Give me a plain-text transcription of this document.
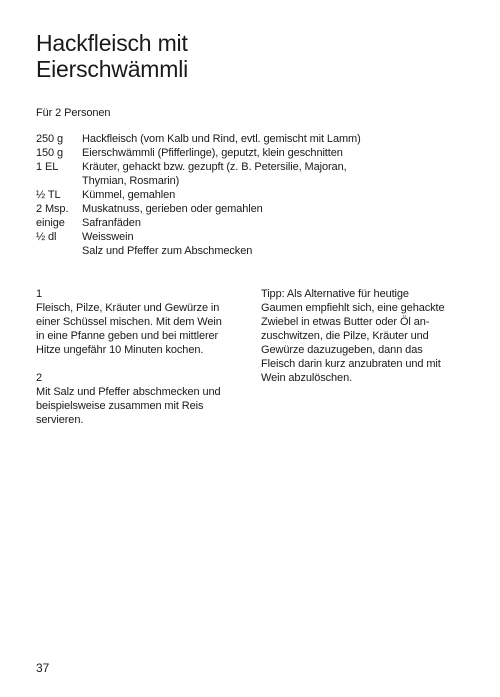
Hackfleisch mit
Eierschwämmli
Für 2 Personen
250 g	Hackfleisch (vom Kalb und Rind, evtl. gemischt mit Lamm)
150 g	Eierschwämmli (Pfifferlinge), geputzt, klein geschnitten
1 EL	Kräuter, gehackt bzw. gezupft (z. B. Petersilie, Majoran,
Thymian, Rosmarin)
½ TL	Kümmel, gemahlen
2 Msp.	Muskatnuss, gerieben oder gemahlen
einige	Safranfäden
½ dl	Weisswein
Salz und Pfeffer zum Abschmecken
1
Fleisch, Pilze, Kräuter und Gewürze in
einer Schüssel mischen. Mit dem Wein
in eine Pfanne geben und bei mittlerer
Hitze ungefähr 10 Minuten kochen.
2
Mit Salz und Pfeffer abschmecken und
beispielsweise zusammen mit Reis
servieren.
Tipp: Als Alternative für heutige
Gaumen empfiehlt sich, eine gehackte
Zwiebel in etwas Butter oder Öl an-
zuschwitzen, die Pilze, Kräuter und
Gewürze dazuzugeben, dann das
Fleisch darin kurz anzubraten und mit
Wein abzulöschen.
37
